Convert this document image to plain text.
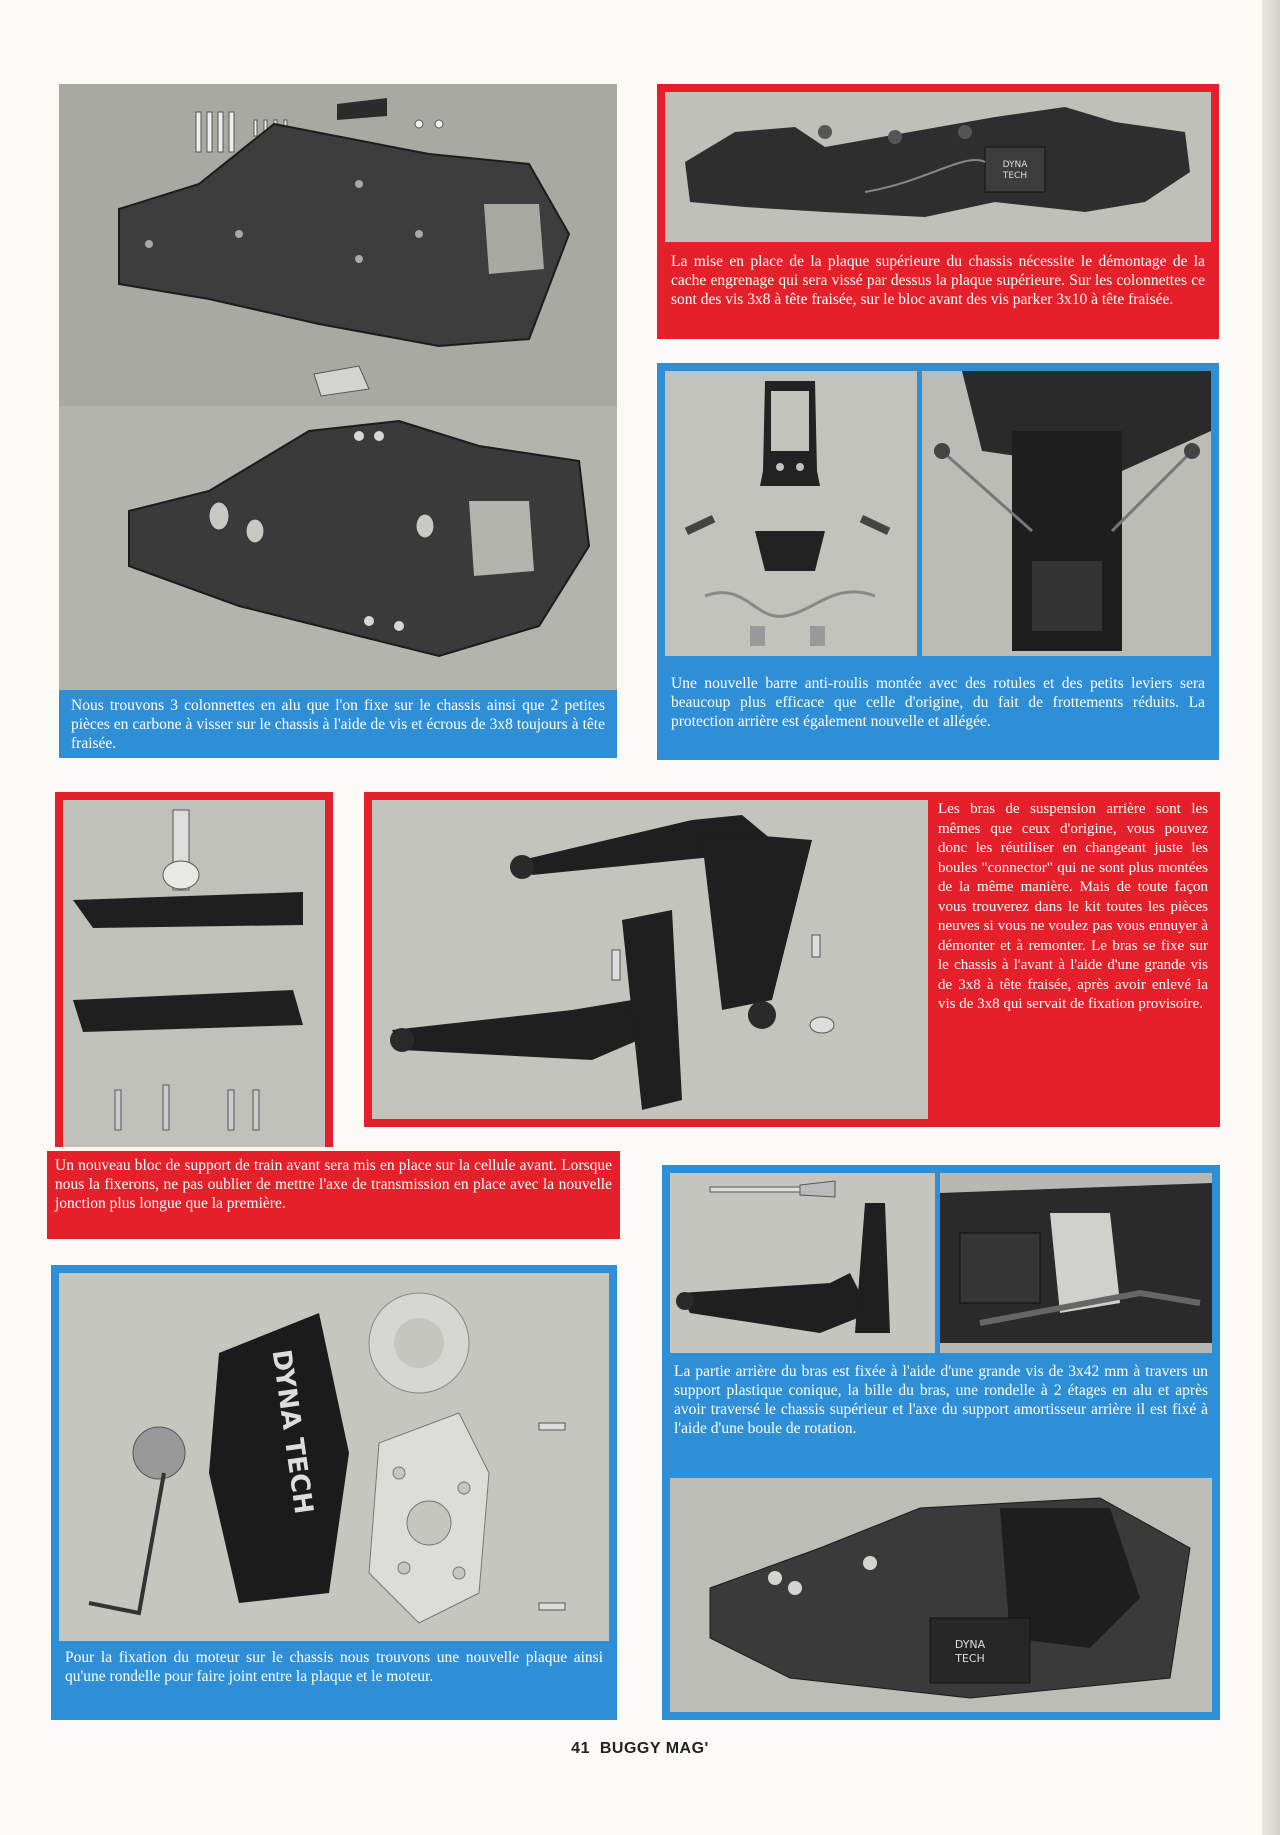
Nous trouvons 3 colonnettes en alu que l'on fixe sur le chassis ainsi que 2 petites pièces en carbone à visser sur le chassis à l'aide de vis et écrous de 3x8 toujours à tête fraisée.
DYNA
TECH
La mise en place de la plaque supérieure du chassis nécessite le démontage de la cache engrenage qui sera vissé par dessus la plaque supérieure. Sur les colonnettes ce sont des vis 3x8 à tête fraisée, sur le bloc avant des vis parker 3x10 à tête fraisée.
Une nouvelle barre anti-roulis montée avec des rotules et des petits leviers sera beaucoup plus efficace que celle d'origine, du fait de frottements réduits. La protection arrière est également nouvelle et allégée.
Un nouveau bloc de support de train avant sera mis en place sur la cellule avant. Lorsque nous la fixerons, ne pas oublier de mettre l'axe de transmission en place avec la nouvelle jonction plus longue que la première.
Les bras de suspension arrière sont les mêmes que ceux d'origine, vous pouvez donc les réutiliser en changeant juste les boules "connector" qui ne sont plus montées de la même manière. Mais de toute façon vous trouverez dans le kit toutes les pièces neuves si vous ne voulez pas vous ennuyer à démonter et à remonter. Le bras se fixe sur le chassis à l'avant à l'aide d'une grande vis de 3x8 à tête fraisée, après avoir enlevé la vis de 3x8 qui servait de fixation provisoire.
DYNA TECH
Pour la fixation du moteur sur le chassis nous trouvons une nouvelle plaque ainsi qu'une rondelle pour faire joint entre la plaque et le moteur.
La partie arrière du bras est fixée à l'aide d'une grande vis de 3x42 mm à travers un support plastique conique, la bille du bras, une rondelle à 2 étages en alu et après avoir traversé le chassis supérieur et l'axe du support amortisseur arrière il est fixé à l'aide d'une boule de rotation.
DYNA
TECH
41 BUGGY MAG'
